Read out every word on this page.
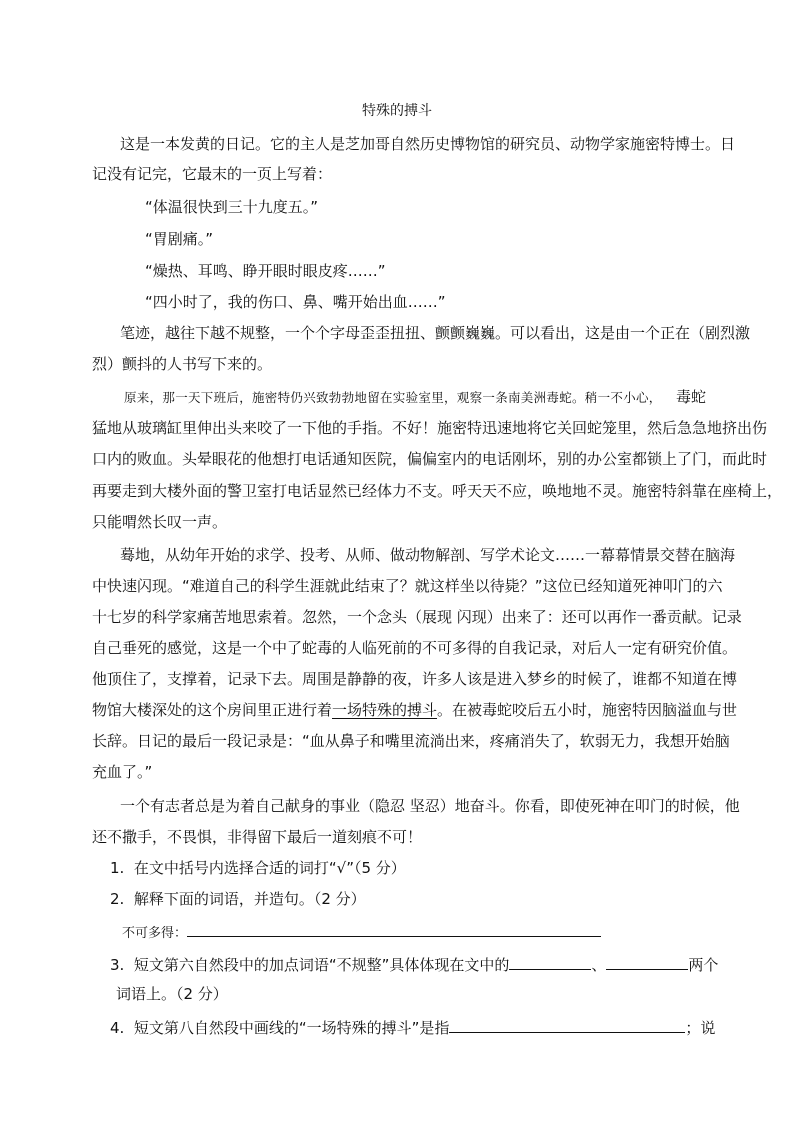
特殊的搏斗
这是一本发黄的日记。它的主人是芝加哥自然历史博物馆的研究员、动物学家施密特博士。日
记没有记完，它最末的一页上写着：
“体温很快到三十九度五。”
“胃剧痛。”
“燥热、耳鸣、睁开眼时眼皮疼……”
“四小时了，我的伤口、鼻、嘴开始出血……”
笔迹，越往下越不规整，一个个字母歪歪扭扭、颤颤巍巍。可以看出，这是由一个正在（剧烈激
烈）颤抖的人书写下来的。
原来，那一天下班后，施密特仍兴致勃勃地留在实验室里，观察一条南美洲毒蛇。稍一不小心， 毒蛇
猛地从玻璃缸里伸出头来咬了一下他的手指。不好！施密特迅速地将它关回蛇笼里，然后急急地挤出伤
口内的败血。头晕眼花的他想打电话通知医院，偏偏室内的电话刚坏，别的办公室都锁上了门，而此时
再要走到大楼外面的警卫室打电话显然已经体力不支。呼天天不应，唤地地不灵。施密特斜靠在座椅上，
只能喟然长叹一声。
蓦地，从幼年开始的求学、投考、从师、做动物解剖、写学术论文……一幕幕情景交替在脑海
中快速闪现。“难道自己的科学生涯就此结束了？就这样坐以待毙？”这位已经知道死神叩门的六
十七岁的科学家痛苦地思索着。忽然，一个念头（展现 闪现）出来了：还可以再作一番贡献。记录
自己垂死的感觉，这是一个中了蛇毒的人临死前的不可多得的自我记录，对后人一定有研究价值。
他顶住了，支撑着，记录下去。周围是静静的夜，许多人该是进入梦乡的时候了，谁都不知道在博
物馆大楼深处的这个房间里正进行着一场特殊的搏斗。在被毒蛇咬后五小时，施密特因脑溢血与世
长辞。日记的最后一段记录是：“血从鼻子和嘴里流淌出来，疼痛消失了，软弱无力，我想开始脑
充血了。”
一个有志者总是为着自己献身的事业（隐忍 坚忍）地奋斗。你看，即使死神在叩门的时候，他
还不撒手，不畏惧，非得留下最后一道刻痕不可！
1. 在文中括号内选择合适的词打“√”（5 分）
2. 解释下面的词语，并造句。（2 分）
不可多得：
3. 短文第六自然段中的加点词语“不规整”具体体现在文中的	、	两个
词语上。（2 分）
4. 短文第八自然段中画线的“一场特殊的搏斗”是指	；说
